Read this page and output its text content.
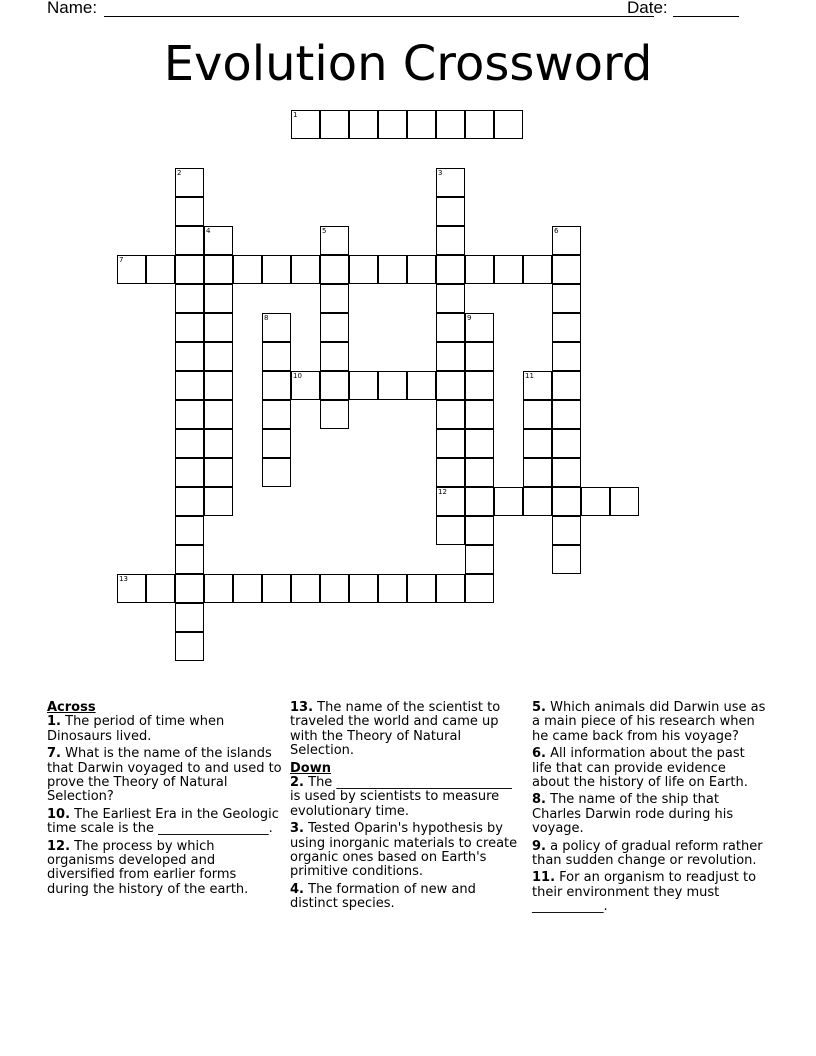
Name:	Date:
Evolution Crossword
1
2	3
12
4	5	6
7
8	9
10	11
13
Across
1. The period of time when Dinosaurs lived.
7. What is the name of the islands that Darwin voyaged to and used to prove the Theory of Natural Selection?
10. The Earliest Era in the Geologic time scale is the _________________.
12. The process by which organisms developed and diversified from earlier forms during the history of the earth.
13. The name of the scientist to traveled the world and came up with the Theory of Natural Selection.
Down
2. The ___________________________ is used by scientists to measure evolutionary time.
3. Tested Oparin's hypothesis by using inorganic materials to create organic ones based on Earth's primitive conditions.
4. The formation of new and distinct species.
5. Which animals did Darwin use as a main piece of his research when he came back from his voyage?
6. All information about the past life that can provide evidence about the history of life on Earth.
8. The name of the ship that Charles Darwin rode during his voyage.
9. a policy of gradual reform rather than sudden change or revolution.
11. For an organism to readjust to their environment they must ___________.
